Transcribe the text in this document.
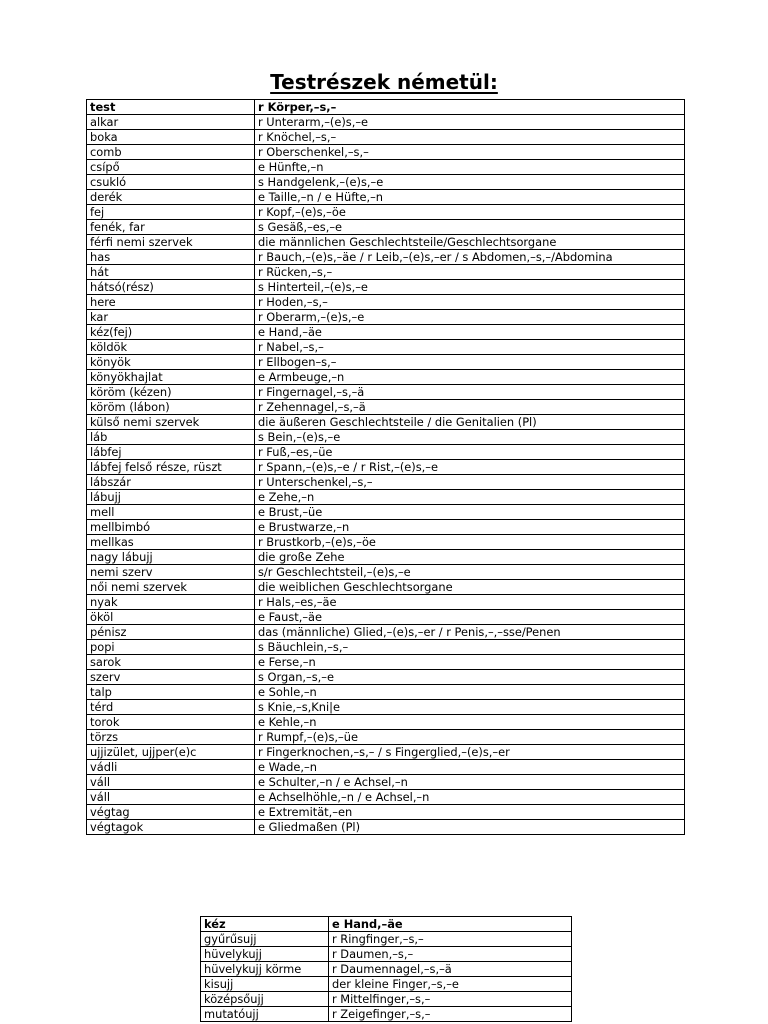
Testrészek németül:
test	r Körper,–s,–
alkar	r Unterarm,–(e)s,–e
boka	r Knöchel,–s,–
comb	r Oberschenkel,–s,–
csípő	e Hünfte,–n
csukló	s Handgelenk,–(e)s,–e
derék	e Taille,–n / e Hüfte,–n
fej	r Kopf,–(e)s,–öe
fenék, far	s Gesäß,–es,–e
férfi nemi szervek	die männlichen Geschlechtsteile/Geschlechtsorgane
has	r Bauch,–(e)s,–äe / r Leib,–(e)s,–er / s Abdomen,–s,–/Abdomina
hát	r Rücken,–s,–
hátsó(rész)	s Hinterteil,–(e)s,–e
here	r Hoden,–s,–
kar	r Oberarm,–(e)s,–e
kéz(fej)	e Hand,–äe
köldök	r Nabel,–s,–
könyök	r Ellbogen–s,–
könyökhajlat	e Armbeuge,–n
köröm (kézen)	r Fingernagel,–s,–ä
köröm (lábon)	r Zehennagel,–s,–ä
külső nemi szervek	die äußeren Geschlechtsteile / die Genitalien (Pl)
láb	s Bein,–(e)s,–e
lábfej	r Fuß,–es,–üe
lábfej felső része, rüszt	r Spann,–(e)s,–e / r Rist,–(e)s,–e
lábszár	r Unterschenkel,–s,–
lábujj	e Zehe,–n
mell	e Brust,–üe
mellbimbó	e Brustwarze,–n
mellkas	r Brustkorb,–(e)s,–öe
nagy lábujj	die große Zehe
nemi szerv	s/r Geschlechtsteil,–(e)s,–e
női nemi szervek	die weiblichen Geschlechtsorgane
nyak	r Hals,–es,–äe
ököl	e Faust,–äe
pénisz	das (männliche) Glied,–(e)s,–er / r Penis,–,–sse/Penen
popi	s Bäuchlein,–s,–
sarok	e Ferse,–n
szerv	s Organ,–s,–e
talp	e Sohle,–n
térd	s Knie,–s,Kni|e
torok	e Kehle,–n
törzs	r Rumpf,–(e)s,–üe
ujjizület, ujjper(e)c	r Fingerknochen,–s,– / s Fingerglied,–(e)s,–er
vádli	e Wade,–n
váll	e Schulter,–n / e Achsel,–n
váll	e Achselhöhle,–n / e Achsel,–n
végtag	e Extremität,–en
végtagok	e Gliedmaßen (Pl)
kéz	e Hand,–äe
gyűrűsujj	r Ringfinger,–s,–
hüvelykujj	r Daumen,–s,–
hüvelykujj körme	r Daumennagel,–s,–ä
kisujj	der kleine Finger,–s,–e
középsőujj	r Mittelfinger,–s,–
mutatóujj	r Zeigefinger,–s,–
